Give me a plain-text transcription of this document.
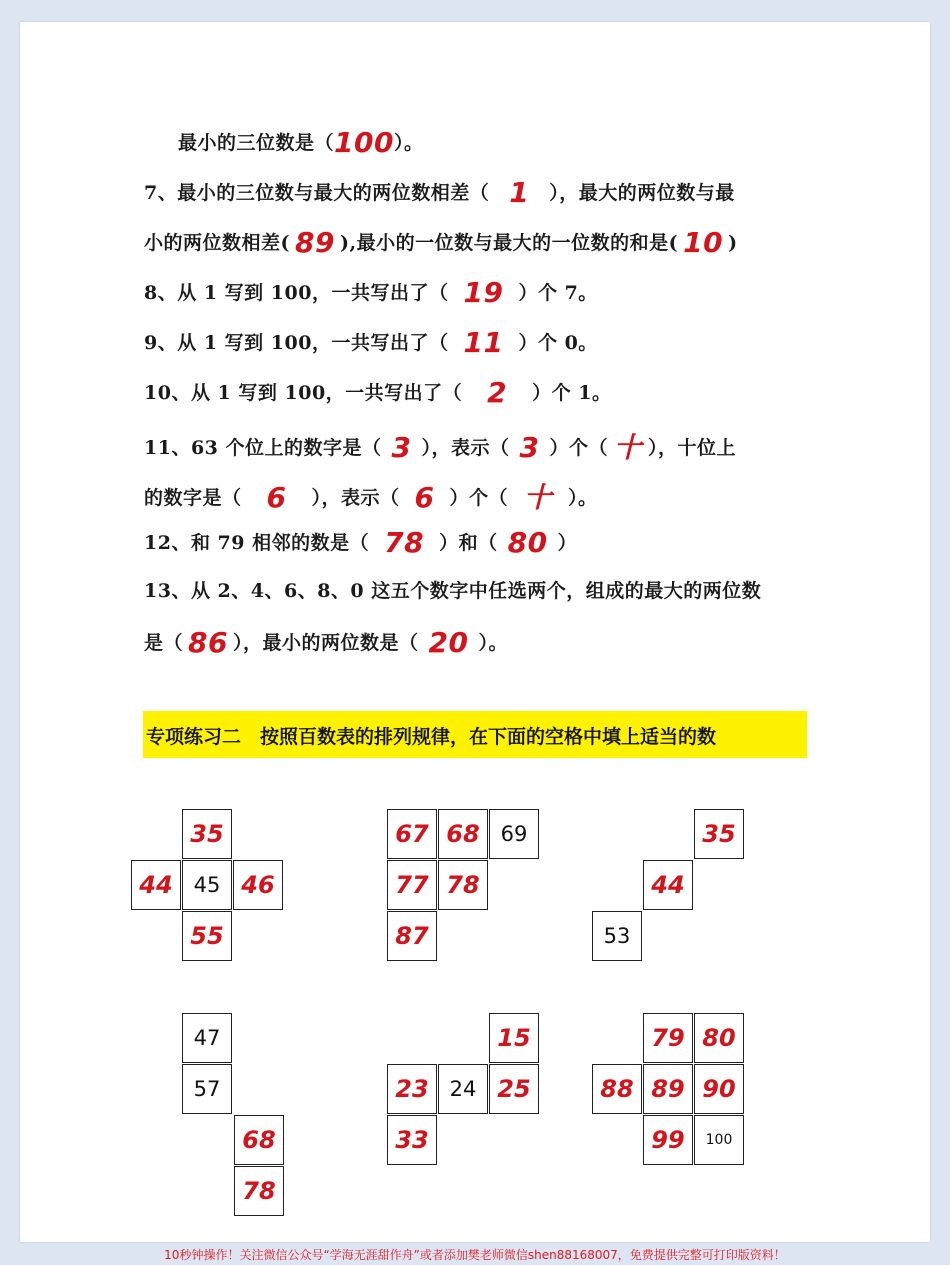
最小的三位数是（100）。
7、最小的三位数与最大的两位数相差（ 1 ），最大的两位数与最
小的两位数相差( 89 ),最小的一位数与最大的一位数的和是( 10 )
8、从 1 写到 100，一共写出了（ 19 ）个 7。
9、从 1 写到 100，一共写出了（ 11 ）个 0。
10、从 1 写到 100，一共写出了（ 2 ）个 1。
11、63 个位上的数字是（ 3 ），表示（ 3 ）个（ 十 ），十位上
的数字是（ 6 ），表示（ 6 ）个（ 十 ）。
12、和 79 相邻的数是（ 78 ）和（ 80 ）
13、从 2、4、6、8、0 这五个数字中任选两个，组成的最大的两位数
是（ 86 ），最小的两位数是（ 20 ）。
专项练习二　按照百数表的排列规律，在下面的空格中填上适当的数
35
44 45 46
55
67 68 69
77 78
87
35
44
53
47
57
68
78
15
23 24 25
33
79 80
88 89 90
99	100
10秒钟操作！关注微信公众号“学海无涯甜作舟”或者添加樊老师微信shen88168007，免费提供完整可打印版资料！
